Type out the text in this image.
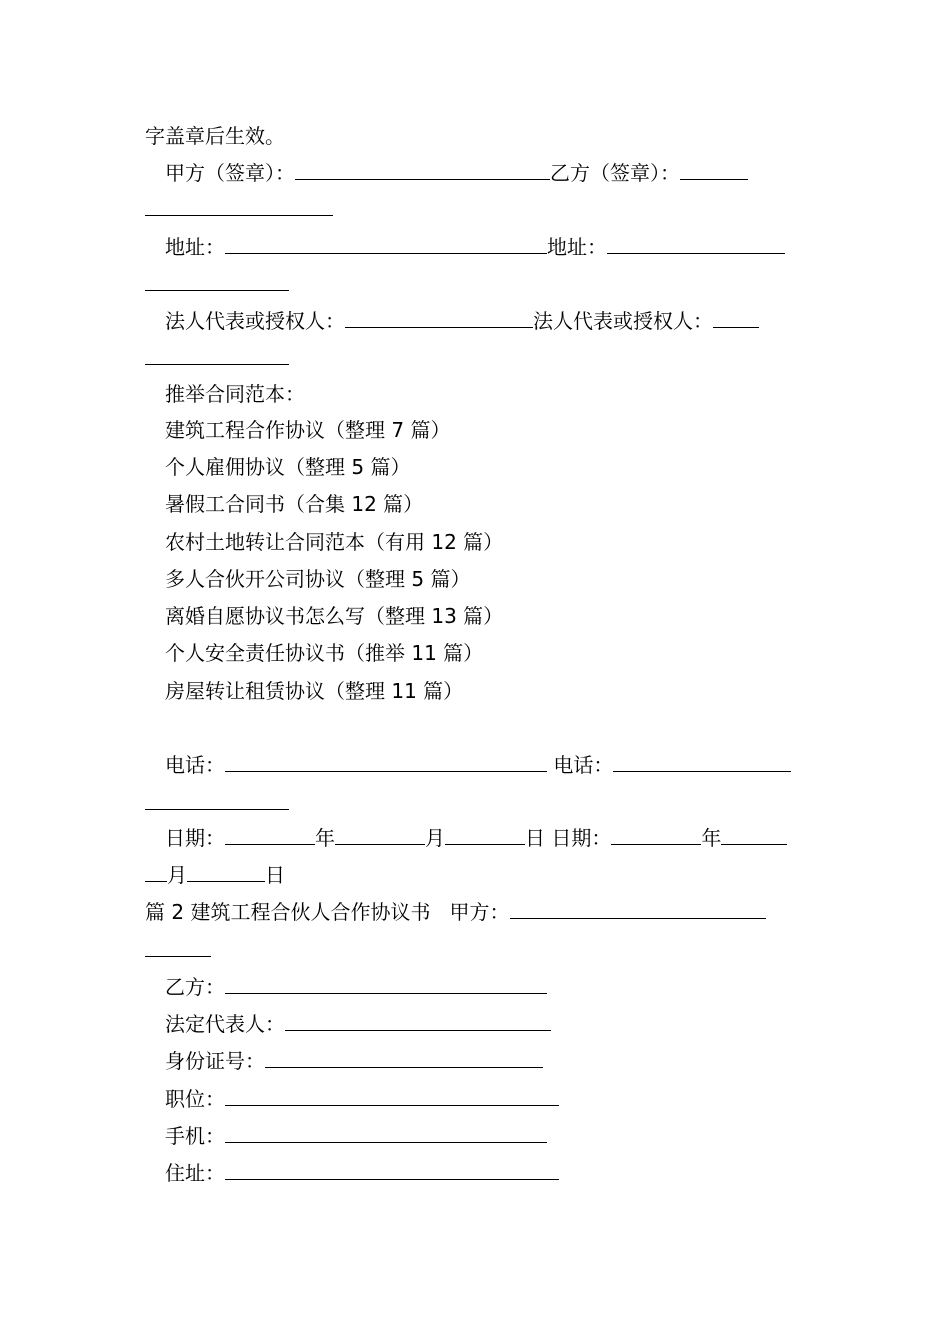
字盖章后生效。
甲方（签章）：	乙方（签章）：
地址：	地址：
法人代表或授权人：	法人代表或授权人：
推举合同范本：
建筑工程合作协议（整理 7 篇）
个人雇佣协议（整理 5 篇）
暑假工合同书（合集 12 篇）
农村土地转让合同范本（有用 12 篇）
多人合伙开公司协议（整理 5 篇）
离婚自愿协议书怎么写（整理 13 篇）
个人安全责任协议书（推举 11 篇）
房屋转让租赁协议（整理 11 篇）
电话：	电话：
日期：	年	月	日 日期：	年
月	日
篇 2 建筑工程合伙人合作协议书 甲方：
乙方：
法定代表人：
身份证号：
职位：
手机：
住址：
